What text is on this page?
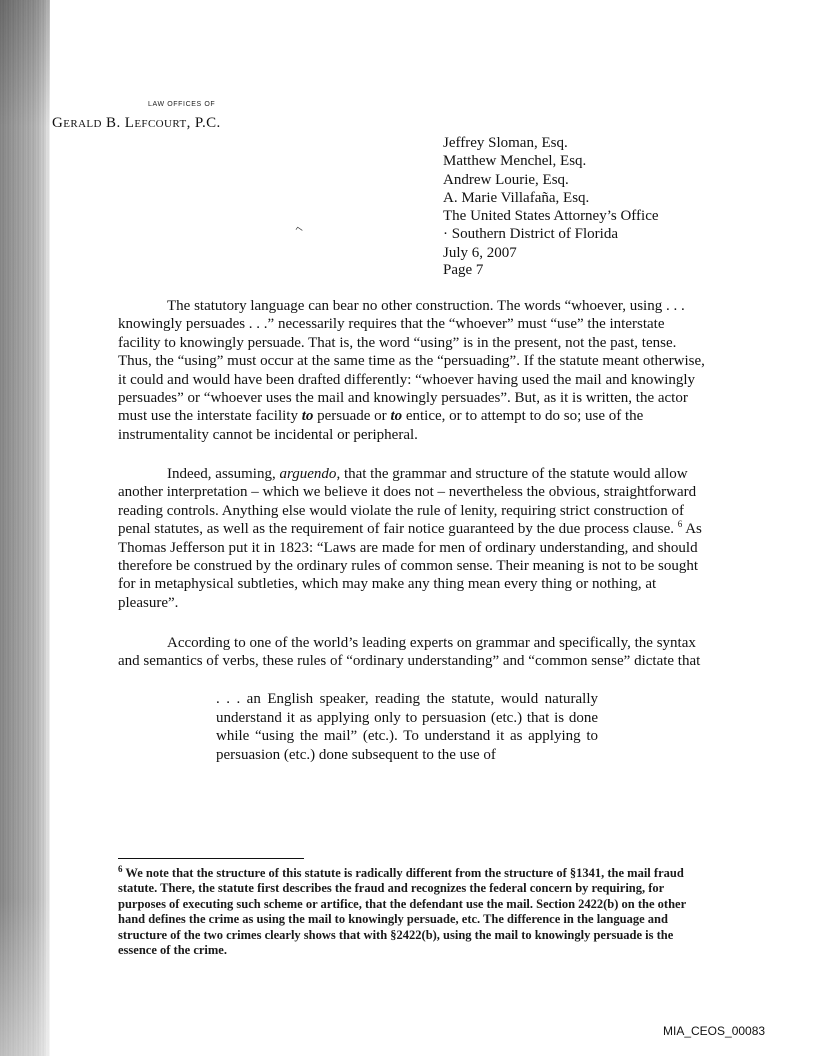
LAW OFFICES OF
Gerald B. Lefcourt, P.C.
Jeffrey Sloman, Esq.
Matthew Menchel, Esq.
Andrew Lourie, Esq.
A. Marie Villafaña, Esq.
The United States Attorney’s Office
· Southern District of Florida
July 6, 2007
Page 7
⌐

The statutory language can bear no other construction. The words “whoever, using . . . knowingly persuades . . .” necessarily requires that the “whoever” must “use” the interstate facility to knowingly persuade. That is, the word “using” is in the present, not the past, tense. Thus, the “using” must occur at the same time as the “persuading”. If the statute meant otherwise, it could and would have been drafted differently: “whoever having used the mail and knowingly persuades” or “whoever uses the mail and knowingly persuades”. But, as it is written, the actor must use the interstate facility to persuade or to entice, or to attempt to do so; use of the instrumentality cannot be incidental or peripheral.

Indeed, assuming, arguendo, that the grammar and structure of the statute would allow another interpretation – which we believe it does not – nevertheless the obvious, straightforward reading controls. Anything else would violate the rule of lenity, requiring strict construction of penal statutes, as well as the requirement of fair notice guaranteed by the due process clause. $^6$ As Thomas Jefferson put it in 1823: “Laws are made for men of ordinary understanding, and should therefore be construed by the ordinary rules of common sense. Their meaning is not to be sought for in metaphysical subtleties, which may make any thing mean every thing or nothing, at pleasure”.

According to one of the world’s leading experts on grammar and specifically, the syntax and semantics of verbs, these rules of “ordinary understanding” and “common sense” dictate that

. . . an English speaker, reading the statute, would naturally understand it as applying only to persuasion (etc.) that is done while “using the mail” (etc.). To understand it as applying to persuasion (etc.) done subsequent to the use of

$^6$ We note that the structure of this statute is radically different from the structure of §1341, the mail fraud statute. There, the statute first describes the fraud and recognizes the federal concern by requiring, for purposes of executing such scheme or artifice, that the defendant use the mail. Section 2422(b) on the other hand defines the crime as using the mail to knowingly persuade, etc. The difference in the language and structure of the two crimes clearly shows that with §2422(b), using the mail to knowingly persuade is the essence of the crime.

MIA_CEOS_00083
